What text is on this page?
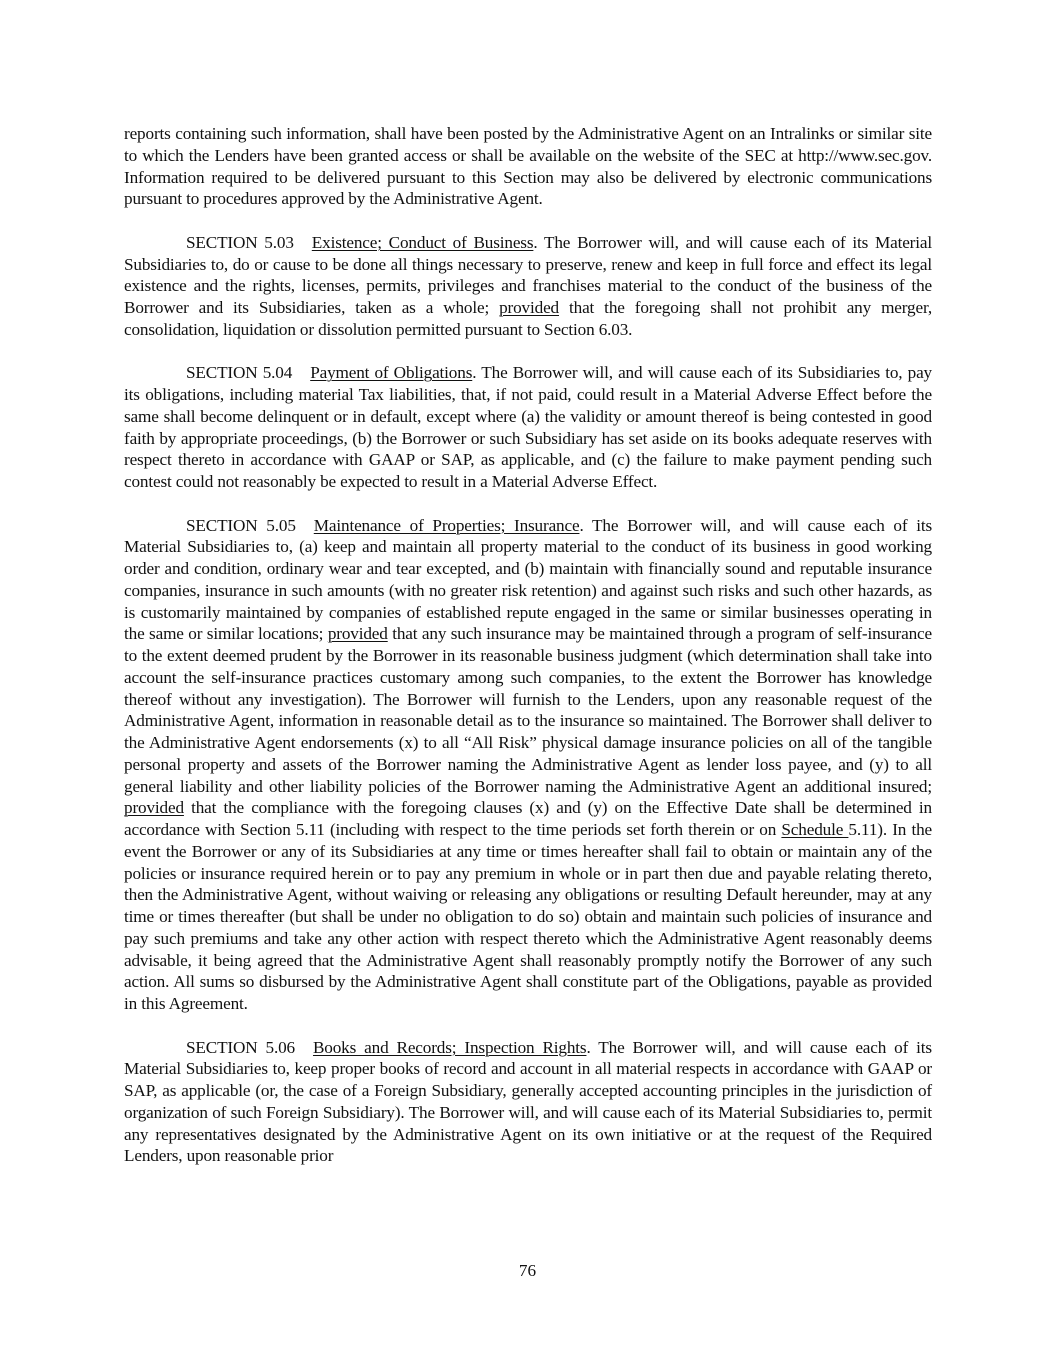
reports containing such information, shall have been posted by the Administrative Agent on an Intralinks or similar site to which the Lenders have been granted access or shall be available on the website of the SEC at http://www.sec.gov. Information required to be delivered pursuant to this Section may also be delivered by electronic communications pursuant to procedures approved by the Administrative Agent.

SECTION 5.03 Existence; Conduct of Business. The Borrower will, and will cause each of its Material Subsidiaries to, do or cause to be done all things necessary to preserve, renew and keep in full force and effect its legal existence and the rights, licenses, permits, privileges and franchises material to the conduct of the business of the Borrower and its Subsidiaries, taken as a whole; provided that the foregoing shall not prohibit any merger, consolidation, liquidation or dissolution permitted pursuant to Section 6.03.

SECTION 5.04 Payment of Obligations. The Borrower will, and will cause each of its Subsidiaries to, pay its obligations, including material Tax liabilities, that, if not paid, could result in a Material Adverse Effect before the same shall become delinquent or in default, except where (a) the validity or amount thereof is being contested in good faith by appropriate proceedings, (b) the Borrower or such Subsidiary has set aside on its books adequate reserves with respect thereto in accordance with GAAP or SAP, as applicable, and (c) the failure to make payment pending such contest could not reasonably be expected to result in a Material Adverse Effect.

SECTION 5.05 Maintenance of Properties; Insurance. The Borrower will, and will cause each of its Material Subsidiaries to, (a) keep and maintain all property material to the conduct of its business in good working order and condition, ordinary wear and tear excepted, and (b) maintain with financially sound and reputable insurance companies, insurance in such amounts (with no greater risk retention) and against such risks and such other hazards, as is customarily maintained by companies of established repute engaged in the same or similar businesses operating in the same or similar locations; provided that any such insurance may be maintained through a program of self-insurance to the extent deemed prudent by the Borrower in its reasonable business judgment (which determination shall take into account the self-insurance practices customary among such companies, to the extent the Borrower has knowledge thereof without any investigation). The Borrower will furnish to the Lenders, upon any reasonable request of the Administrative Agent, information in reasonable detail as to the insurance so maintained. The Borrower shall deliver to the Administrative Agent endorsements (x) to all “All Risk” physical damage insurance policies on all of the tangible personal property and assets of the Borrower naming the Administrative Agent as lender loss payee, and (y) to all general liability and other liability policies of the Borrower naming the Administrative Agent an additional insured; provided that the compliance with the foregoing clauses (x) and (y) on the Effective Date shall be determined in accordance with Section 5.11 (including with respect to the time periods set forth therein or on Schedule 5.11). In the event the Borrower or any of its Subsidiaries at any time or times hereafter shall fail to obtain or maintain any of the policies or insurance required herein or to pay any premium in whole or in part then due and payable relating thereto, then the Administrative Agent, without waiving or releasing any obligations or resulting Default hereunder, may at any time or times thereafter (but shall be under no obligation to do so) obtain and maintain such policies of insurance and pay such premiums and take any other action with respect thereto which the Administrative Agent reasonably deems advisable, it being agreed that the Administrative Agent shall reasonably promptly notify the Borrower of any such action. All sums so disbursed by the Administrative Agent shall constitute part of the Obligations, payable as provided in this Agreement.

SECTION 5.06 Books and Records; Inspection Rights. The Borrower will, and will cause each of its Material Subsidiaries to, keep proper books of record and account in all material respects in accordance with GAAP or SAP, as applicable (or, the case of a Foreign Subsidiary, generally accepted accounting principles in the jurisdiction of organization of such Foreign Subsidiary). The Borrower will, and will cause each of its Material Subsidiaries to, permit any representatives designated by the Administrative Agent on its own initiative or at the request of the Required Lenders, upon reasonable prior

76
